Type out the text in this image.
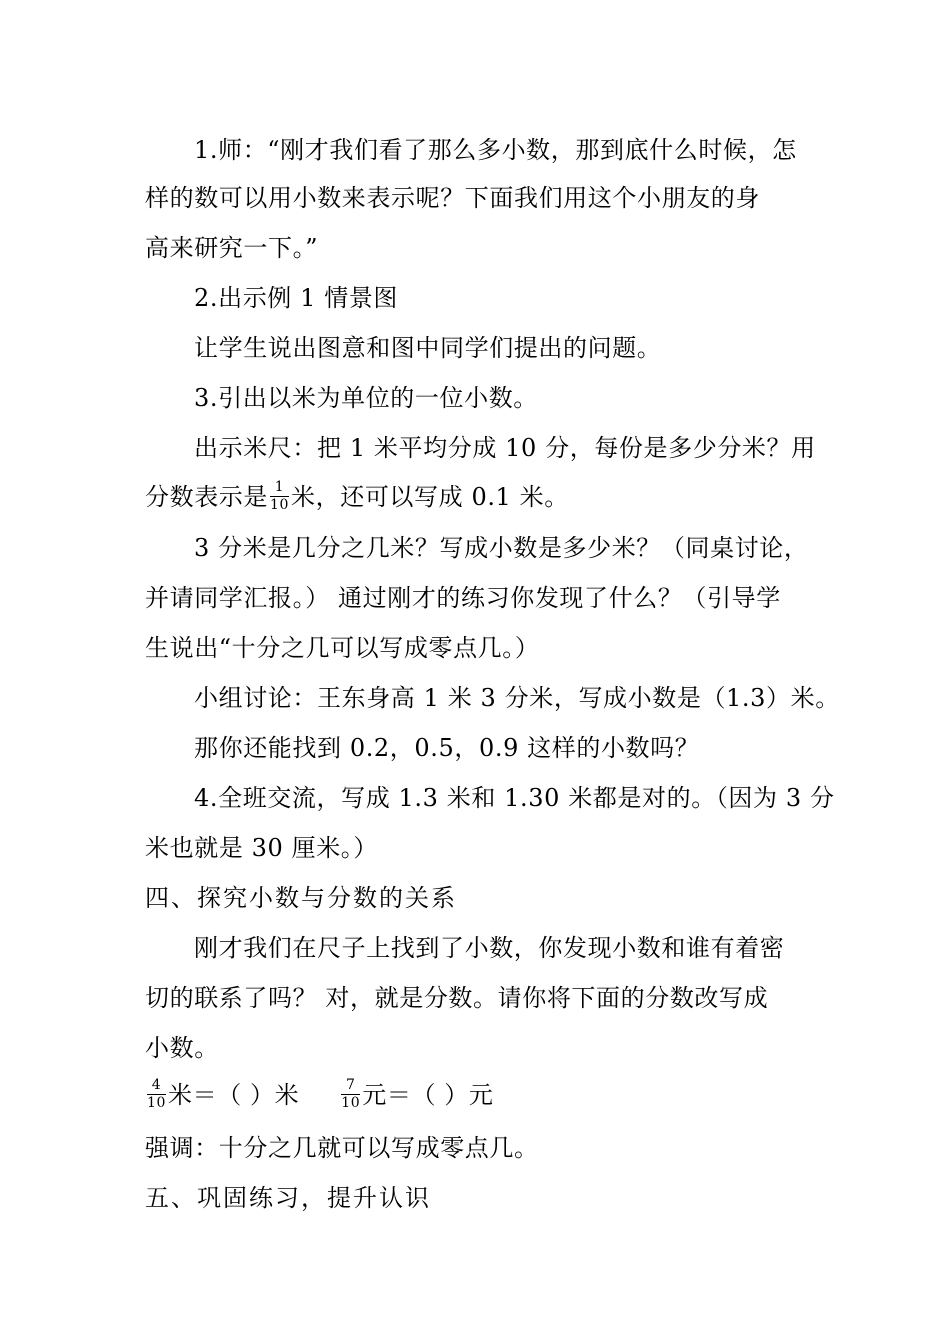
1.师：“刚才我们看了那么多小数，那到底什么时候，怎
样的数可以用小数来表示呢？下面我们用这个小朋友的身
高来研究一下。”
2.出示例 1 情景图
让学生说出图意和图中同学们提出的问题。
3.引出以米为单位的一位小数。
出示米尺：把 1 米平均分成 10 分，每份是多少分米？用
分数表示是 $\frac{1}{10}$ 米，还可以写成 0.1 米。
3 分米是几分之几米？写成小数是多少米？（同桌讨论，
并请同学汇报。） 通过刚才的练习你发现了什么？（引导学
生说出“十分之几可以写成零点几。）
小组讨论：王东身高 1 米 3 分米，写成小数是（1.3）米。
那你还能找到 0.2，0.5，0.9 这样的小数吗？
4.全班交流，写成 1.3 米和 1.30 米都是对的。（因为 3 分
米也就是 30 厘米。）
四、探究小数与分数的关系
刚才我们在尺子上找到了小数，你发现小数和谁有着密
切的联系了吗？ 对，就是分数。请你将下面的分数改写成
小数。
$\frac{4}{10}$ 米＝（ ）米	$\frac{7}{10}$ 元＝（ ）元
强调：十分之几就可以写成零点几。
五、巩固练习，提升认识
